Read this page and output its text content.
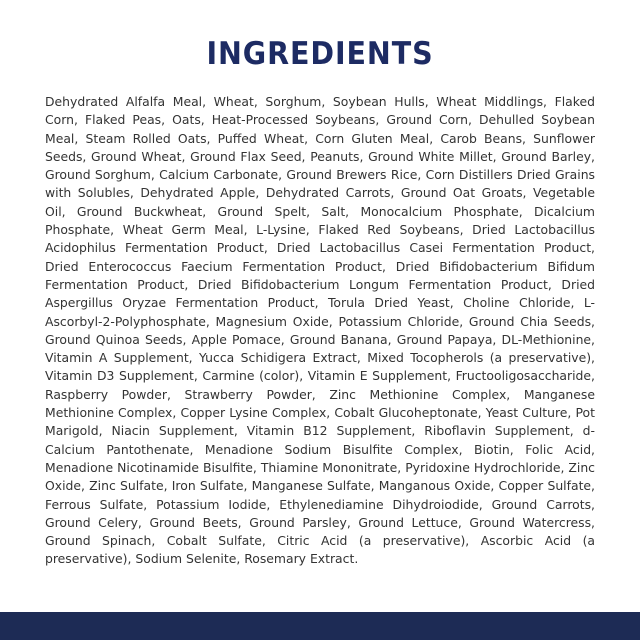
INGREDIENTS

Dehydrated Alfalfa Meal, Wheat, Sorghum, Soybean Hulls, Wheat Middlings, Flaked Corn, Flaked Peas, Oats, Heat-Processed Soybeans, Ground Corn, Dehulled Soybean Meal, Steam Rolled Oats, Puffed Wheat, Corn Gluten Meal, Carob Beans, Sunflower Seeds, Ground Wheat, Ground Flax Seed, Peanuts, Ground White Millet, Ground Barley, Ground Sorghum, Calcium Carbonate, Ground Brewers Rice, Corn Distillers Dried Grains with Solubles, Dehydrated Apple, Dehydrated Carrots, Ground Oat Groats, Vegetable Oil, Ground Buckwheat, Ground Spelt, Salt, Monocalcium Phosphate, Dicalcium Phosphate, Wheat Germ Meal, L-Lysine, Flaked Red Soybeans, Dried Lactobacillus Acidophilus Fermentation Product, Dried Lactobacillus Casei Fermentation Product, Dried Enterococcus Faecium Fermentation Product, Dried Bifidobacterium Bifidum Fermentation Product, Dried Bifidobacterium Longum Fermentation Product, Dried Aspergillus Oryzae Fermentation Product, Torula Dried Yeast, Choline Chloride, L-Ascorbyl-2-Polyphosphate, Magnesium Oxide, Potassium Chloride, Ground Chia Seeds, Ground Quinoa Seeds, Apple Pomace, Ground Banana, Ground Papaya, DL-Methionine, Vitamin A Supplement, Yucca Schidigera Extract, Mixed Tocopherols (a preservative), Vitamin D3 Supplement, Carmine (color), Vitamin E Supplement, Fructooligosaccharide, Raspberry Powder, Strawberry Powder, Zinc Methionine Complex, Manganese Methionine Complex, Copper Lysine Complex, Cobalt Glucoheptonate, Yeast Culture, Pot Marigold, Niacin Supplement, Vitamin B12 Supplement, Riboflavin Supplement, d-Calcium Pantothenate, Menadione Sodium Bisulfite Complex, Biotin, Folic Acid, Menadione Nicotinamide Bisulfite, Thiamine Mononitrate, Pyridoxine Hydrochloride, Zinc Oxide, Zinc Sulfate, Iron Sulfate, Manganese Sulfate, Manganous Oxide, Copper Sulfate, Ferrous Sulfate, Potassium Iodide, Ethylenediamine Dihydroiodide, Ground Carrots, Ground Celery, Ground Beets, Ground Parsley, Ground Lettuce, Ground Watercress, Ground Spinach, Cobalt Sulfate, Citric Acid (a preservative), Ascorbic Acid (a preservative), Sodium Selenite, Rosemary Extract.
